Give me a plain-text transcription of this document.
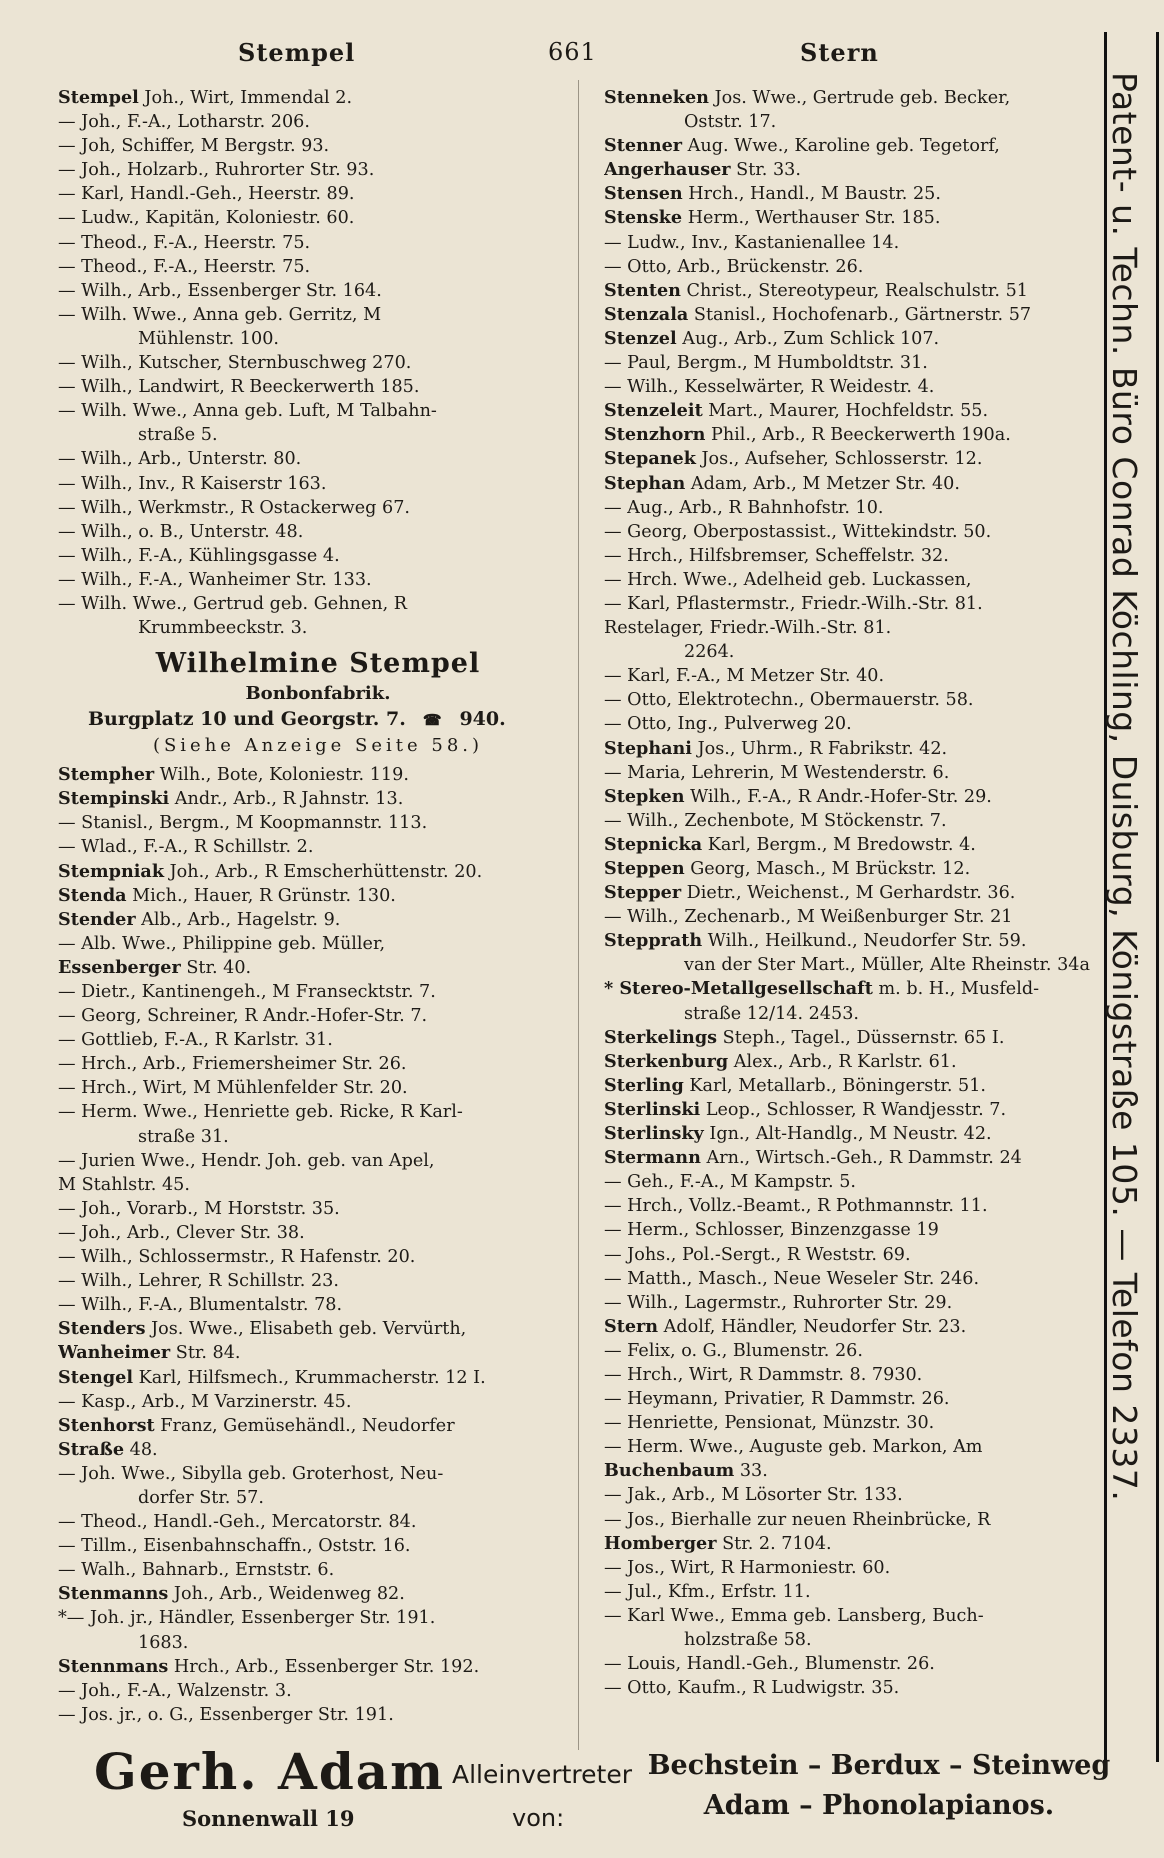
Stempel	661	Stern
Stempel Joh., Wirt, Immendal 2.
— Joh., F.-A., Lotharstr. 206.
— Joh, Schiffer, M Bergstr. 93.
— Joh., Holzarb., Ruhrorter Str. 93.
— Karl, Handl.-Geh., Heerstr. 89.
— Ludw., Kapitän, Koloniestr. 60.
— Theod., F.-A., Heerstr. 75.
— Theod., F.-A., Heerstr. 75.
— Wilh., Arb., Essenberger Str. 164.
— Wilh. Wwe., Anna geb. Gerritz, M
Mühlenstr. 100.
— Wilh., Kutscher, Sternbuschweg 270.
— Wilh., Landwirt, R Beeckerwerth 185.
— Wilh. Wwe., Anna geb. Luft, M Talbahn-
straße 5.
— Wilh., Arb., Unterstr. 80.
— Wilh., Inv., R Kaiserstr 163.
— Wilh., Werkmstr., R Ostackerweg 67.
— Wilh., o. B., Unterstr. 48.
— Wilh., F.-A., Kühlingsgasse 4.
— Wilh., F.-A., Wanheimer Str. 133.
— Wilh. Wwe., Gertrud geb. Gehnen, R
Krummbeeckstr. 3.
Wilhelmine Stempel
Bonbonfabrik.
Burgplatz 10 und Georgstr. 7.   ☎  940.
(Siehe Anzeige Seite 58.)
Stempher Wilh., Bote, Koloniestr. 119.
Stempinski Andr., Arb., R Jahnstr. 13.
— Stanisl., Bergm., M Koopmannstr. 113.
— Wlad., F.-A., R Schillstr. 2.
Stempniak Joh., Arb., R Emscherhüttenstr. 20.
Stenda Mich., Hauer, R Grünstr. 130.
Stender Alb., Arb., Hagelstr. 9.
— Alb. Wwe., Philippine geb. Müller,
Essenberger Str. 40.
— Dietr., Kantinengeh., M Fransecktstr. 7.
— Georg, Schreiner, R Andr.-Hofer-Str. 7.
— Gottlieb, F.-A., R Karlstr. 31.
— Hrch., Arb., Friemersheimer Str. 26.
— Hrch., Wirt, M Mühlenfelder Str. 20.
— Herm. Wwe., Henriette geb. Ricke, R Karl-
straße 31.
— Jurien Wwe., Hendr. Joh. geb. van Apel,
M Stahlstr. 45.
— Joh., Vorarb., M Horststr. 35.
— Joh., Arb., Clever Str. 38.
— Wilh., Schlossermstr., R Hafenstr. 20.
— Wilh., Lehrer, R Schillstr. 23.
— Wilh., F.-A., Blumentalstr. 78.
Stenders Jos. Wwe., Elisabeth geb. Vervürth,
Wanheimer Str. 84.
Stengel Karl, Hilfsmech., Krummacherstr. 12 I.
— Kasp., Arb., M Varzinerstr. 45.
Stenhorst Franz, Gemüsehändl., Neudorfer
Straße 48.
— Joh. Wwe., Sibylla geb. Groterhost, Neu-
dorfer Str. 57.
— Theod., Handl.-Geh., Mercatorstr. 84.
— Tillm., Eisenbahnschaffn., Oststr. 16.
— Walh., Bahnarb., Ernststr. 6.
Stenmanns Joh., Arb., Weidenweg 82.
*— Joh. jr., Händler, Essenberger Str. 191.
1683.
Stennmans Hrch., Arb., Essenberger Str. 192.
— Joh., F.-A., Walzenstr. 3.
— Jos. jr., o. G., Essenberger Str. 191.
Stenneken Jos. Wwe., Gertrude geb. Becker,
Oststr. 17.
Stenner Aug. Wwe., Karoline geb. Tegetorf,
Angerhauser Str. 33.
Stensen Hrch., Handl., M Baustr. 25.
Stenske Herm., Werthauser Str. 185.
— Ludw., Inv., Kastanienallee 14.
— Otto, Arb., Brückenstr. 26.
Stenten Christ., Stereotypeur, Realschulstr. 51
Stenzala Stanisl., Hochofenarb., Gärtnerstr. 57
Stenzel Aug., Arb., Zum Schlick 107.
— Paul, Bergm., M Humboldtstr. 31.
— Wilh., Kesselwärter, R Weidestr. 4.
Stenzeleit Mart., Maurer, Hochfeldstr. 55.
Stenzhorn Phil., Arb., R Beeckerwerth 190a.
Stepanek Jos., Aufseher, Schlosserstr. 12.
Stephan Adam, Arb., M Metzer Str. 40.
— Aug., Arb., R Bahnhofstr. 10.
— Georg, Oberpostassist., Wittekindstr. 50.
— Hrch., Hilfsbremser, Scheffelstr. 32.
— Hrch. Wwe., Adelheid geb. Luckassen,
— Karl, Pflastermstr., Friedr.-Wilh.-Str. 81.
Restelager, Friedr.-Wilh.-Str. 81.
2264.
— Karl, F.-A., M Metzer Str. 40.
— Otto, Elektrotechn., Obermauerstr. 58.
— Otto, Ing., Pulverweg 20.
Stephani Jos., Uhrm., R Fabrikstr. 42.
— Maria, Lehrerin, M Westenderstr. 6.
Stepken Wilh., F.-A., R Andr.-Hofer-Str. 29.
— Wilh., Zechenbote, M Stöckenstr. 7.
Stepnicka Karl, Bergm., M Bredowstr. 4.
Steppen Georg, Masch., M Brückstr. 12.
Stepper Dietr., Weichenst., M Gerhardstr. 36.
— Wilh., Zechenarb., M Weißenburger Str. 21
Stepprath Wilh., Heilkund., Neudorfer Str. 59.
van der Ster Mart., Müller, Alte Rheinstr. 34a
* Stereo-Metallgesellschaft m. b. H., Musfeld-
straße 12/14. 2453.
Sterkelings Steph., Tagel., Düssernstr. 65 I.
Sterkenburg Alex., Arb., R Karlstr. 61.
Sterling Karl, Metallarb., Böningerstr. 51.
Sterlinski Leop., Schlosser, R Wandjesstr. 7.
Sterlinsky Ign., Alt-Handlg., M Neustr. 42.
Stermann Arn., Wirtsch.-Geh., R Dammstr. 24
— Geh., F.-A., M Kampstr. 5.
— Hrch., Vollz.-Beamt., R Pothmannstr. 11.
— Herm., Schlosser, Binzenzgasse 19
— Johs., Pol.-Sergt., R Weststr. 69.
— Matth., Masch., Neue Weseler Str. 246.
— Wilh., Lagermstr., Ruhrorter Str. 29.
Stern Adolf, Händler, Neudorfer Str. 23.
— Felix, o. G., Blumenstr. 26.
— Hrch., Wirt, R Dammstr. 8. 7930.
— Heymann, Privatier, R Dammstr. 26.
— Henriette, Pensionat, Münzstr. 30.
— Herm. Wwe., Auguste geb. Markon, Am
Buchenbaum 33.
— Jak., Arb., M Lösorter Str. 133.
— Jos., Bierhalle zur neuen Rheinbrücke, R
Homberger Str. 2. 7104.
— Jos., Wirt, R Harmoniestr. 60.
— Jul., Kfm., Erfstr. 11.
— Karl Wwe., Emma geb. Lansberg, Buch-
holzstraße 58.
— Louis, Handl.-Geh., Blumenstr. 26.
— Otto, Kaufm., R Ludwigstr. 35.
Patent- u. Techn. Büro Conrad Köchling, Duisburg, Königstraße 105. — Telefon 2337.
Gerh. Adam
Sonnenwall 19
Alleinvertreter
von:
Bechstein – Berdux – Steinweg
Adam – Phonolapianos.
